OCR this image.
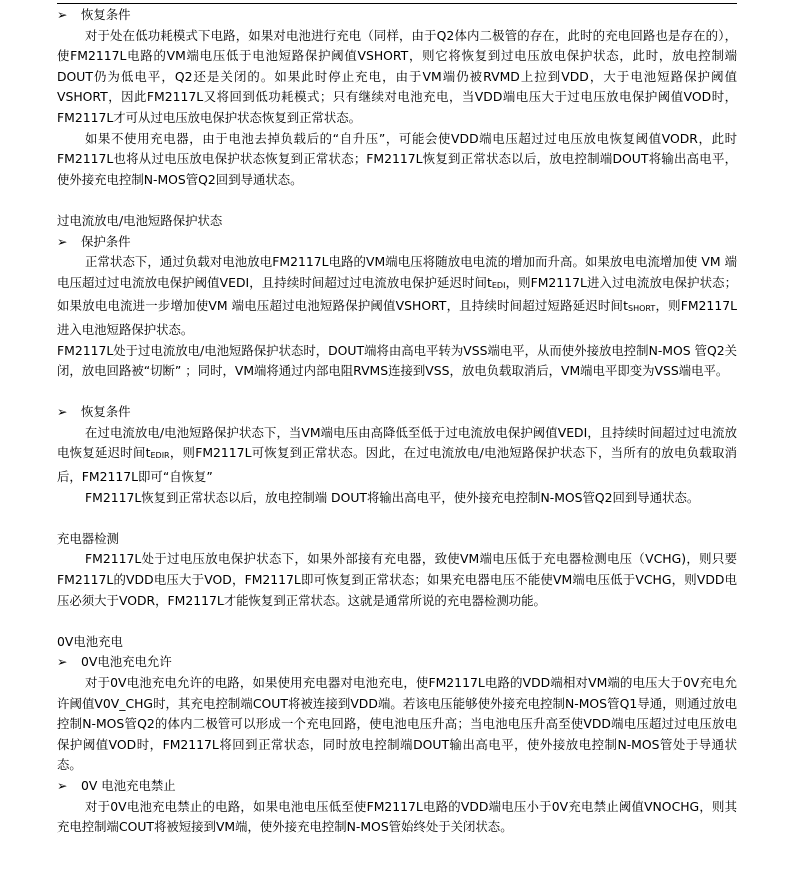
➢ 恢复条件

对于处在低功耗模式下电路，如果对电池进行充电（同样，由于Q2体内二极管的存在，此时的充电回路也是存在的），使FM2117L电路的VM端电压低于电池短路保护阈值VSHORT，则它将恢复到过电压放电保护状态，此时，放电控制端DOUT仍为低电平，Q2还是关闭的。如果此时停止充电，由于VM端仍被RVMD上拉到VDD，大于电池短路保护阈值VSHORT，因此FM2117L又将回到低功耗模式；只有继续对电池充电，当VDD端电压大于过电压放电保护阈值VOD时，FM2117L才可从过电压放电保护状态恢复到正常状态。

如果不使用充电器，由于电池去掉负载后的“自升压”，可能会使VDD端电压超过过电压放电恢复阈值VODR，此时FM2117L也将从过电压放电保护状态恢复到正常状态；FM2117L恢复到正常状态以后，放电控制端DOUT将输出高电平，使外接充电控制N-MOS管Q2回到导通状态。

过电流放电/电池短路保护状态

➢ 保护条件

正常状态下，通过负载对电池放电FM2117L电路的VM端电压将随放电电流的增加而升高。如果放电电流增加使 VM 端电压超过过电流放电保护阈值VEDI，且持续时间超过过电流放电保护延迟时间tEDI，则FM2117L进入过电流放电保护状态；如果放电电流进一步增加使VM 端电压超过电池短路保护阈值VSHORT，且持续时间超过短路延迟时间tSHORT，则FM2117L进入电池短路保护状态。

FM2117L处于过电流放电/电池短路保护状态时，DOUT端将由高电平转为VSS端电平，从而使外接放电控制N-MOS 管Q2关闭，放电回路被“切断” ；同时，VM端将通过内部电阻RVMS连接到VSS，放电负载取消后，VM端电平即变为VSS端电平。

➢ 恢复条件

在过电流放电/电池短路保护状态下，当VM端电压由高降低至低于过电流放电保护阈值VEDI，且持续时间超过过电流放电恢复延迟时间tEDIR，则FM2117L可恢复到正常状态。因此，在过电流放电/电池短路保护状态下，当所有的放电负载取消后，FM2117L即可“自恢复”

FM2117L恢复到正常状态以后，放电控制端 DOUT将输出高电平，使外接充电控制N-MOS管Q2回到导通状态。

充电器检测

FM2117L处于过电压放电保护状态下，如果外部接有充电器，致使VM端电压低于充电器检测电压（VCHG)，则只要FM2117L的VDD电压大于VOD，FM2117L即可恢复到正常状态；如果充电器电压不能使VM端电压低于VCHG，则VDD电压必须大于VODR，FM2117L才能恢复到正常状态。这就是通常所说的充电器检测功能。

0V电池充电

➢ 0V电池充电允许

对于0V电池充电允许的电路，如果使用充电器对电池充电，使FM2117L电路的VDD端相对VM端的电压大于0V充电允许阈值V0V_CHG时，其充电控制端COUT将被连接到VDD端。若该电压能够使外接充电控制N-MOS管Q1导通，则通过放电控制N-MOS管Q2的体内二极管可以形成一个充电回路，使电池电压升高；当电池电压升高至使VDD端电压超过过电压放电保护阈值VOD时，FM2117L将回到正常状态，同时放电控制端DOUT输出高电平，使外接放电控制N-MOS管处于导通状态。

➢ 0V 电池充电禁止

对于0V电池充电禁止的电路，如果电池电压低至使FM2117L电路的VDD端电压小于0V充电禁止阈值VNOCHG，则其充电控制端COUT将被短接到VM端，使外接充电控制N-MOS管始终处于关闭状态。
